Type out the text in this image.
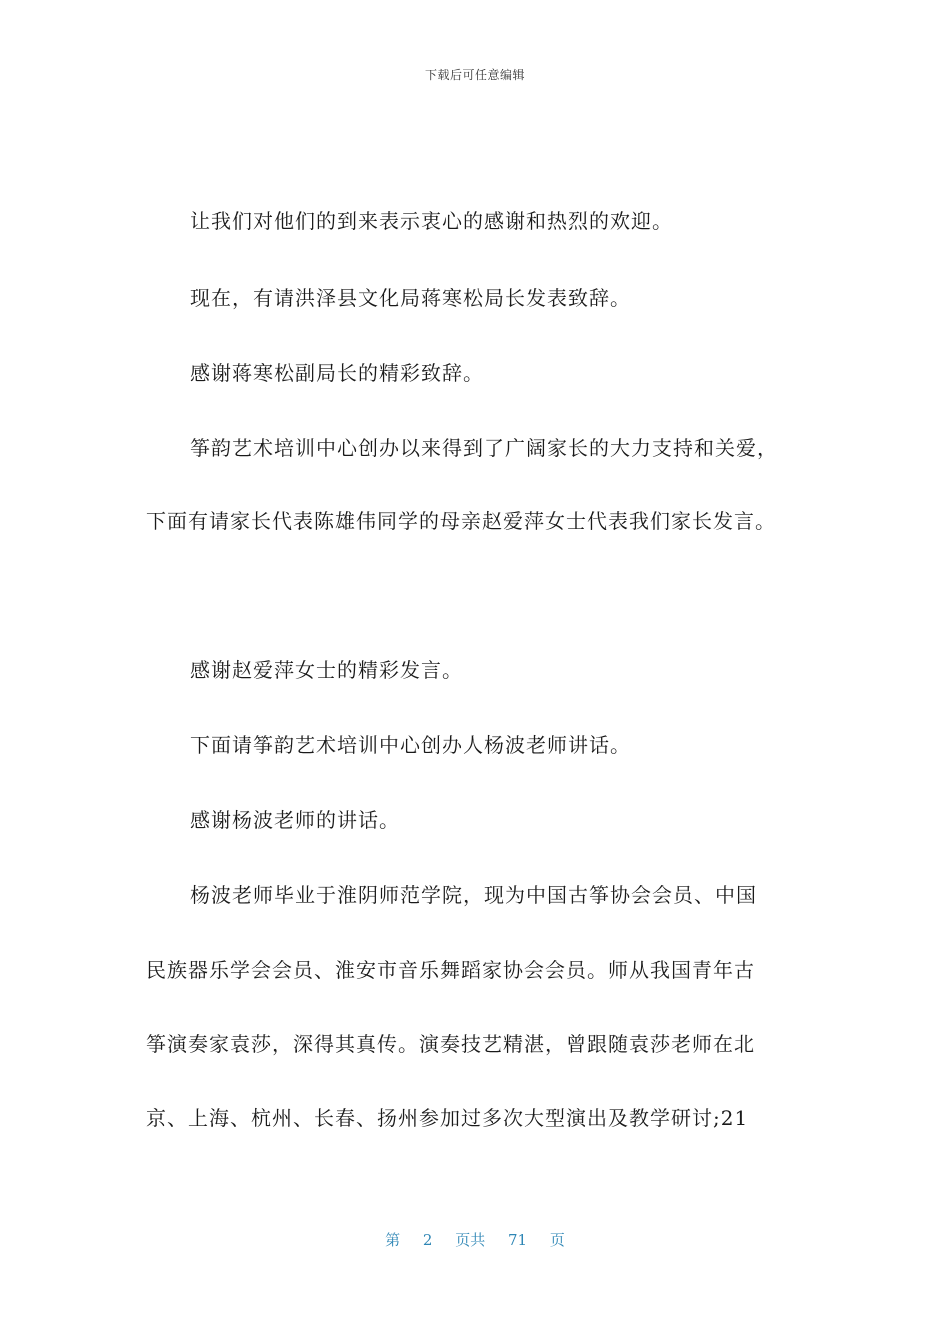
下载后可任意编辑
让我们对他们的到来表示衷心的感谢和热烈的欢迎。
现在，有请洪泽县文化局蒋寒松局长发表致辞。
感谢蒋寒松副局长的精彩致辞。
筝韵艺术培训中心创办以来得到了广阔家长的大力支持和关爱，
下面有请家长代表陈雄伟同学的母亲赵爱萍女士代表我们家长发言。
感谢赵爱萍女士的精彩发言。
下面请筝韵艺术培训中心创办人杨波老师讲话。
感谢杨波老师的讲话。
杨波老师毕业于淮阴师范学院，现为中国古筝协会会员、中国
民族器乐学会会员、淮安市音乐舞蹈家协会会员。师从我国青年古
筝演奏家袁莎，深得其真传。演奏技艺精湛，曾跟随袁莎老师在北
京、上海、杭州、长春、扬州参加过多次大型演出及教学研讨;21
第 2 页共 71 页
